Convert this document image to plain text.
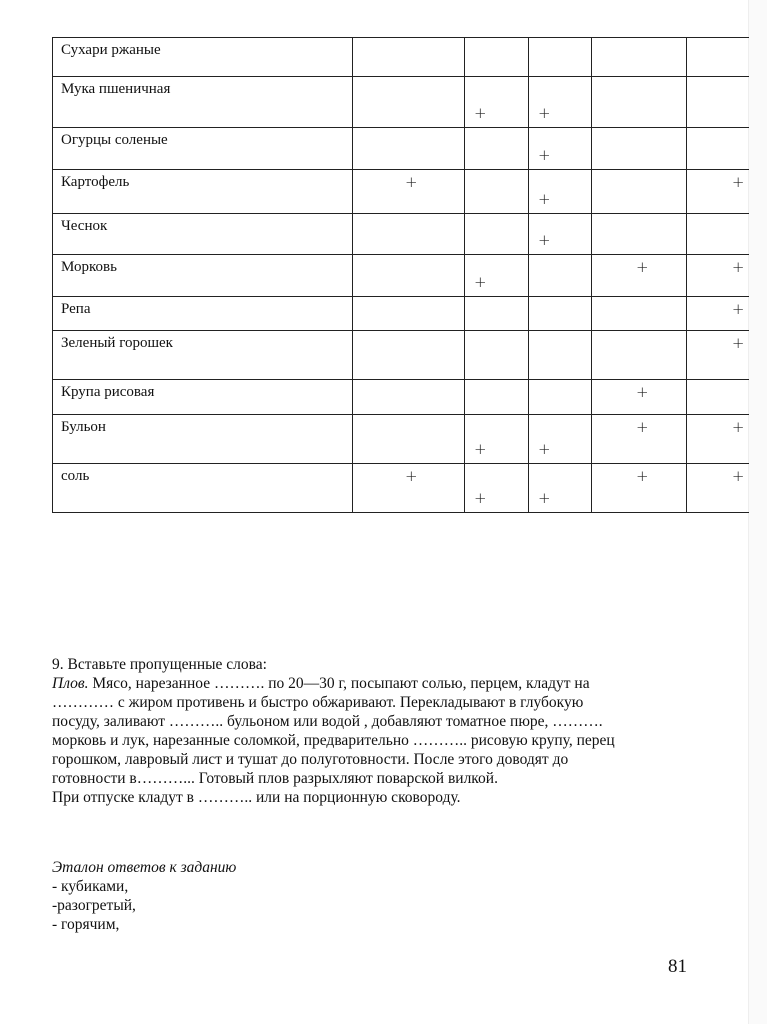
Сухари ржаные					
Мука пшеничная		+	+		

Огурцы соленые			+		

Картофель	+		+		+

Чеснок			+		

Морковь		+		+	+

Репа					+

Зеленый горошек					+

Крупа рисовая				+	

Бульон		+	+	+	+

соль	+	+	+	+	+

9. Вставьте пропущенные слова:

Плов. Мясо, нарезанное ………. по 20—30 г, посыпают солью, перцем, кладут на

………… с жиром противень и быстро обжаривают. Перекладывают в глубокую

посуду, заливают ……….. бульоном или водой , добавляют томатное пюре, ……….

морковь и лук, нарезанные соломкой, предварительно ……….. рисовую крупу, перец

горошком, лавровый лист и тушат до полуготовности. После этого доводят до

готовности в………... Готовый плов разрыхляют поварской вилкой.

При отпуске кладут в ……….. или на порционную сковороду.

Эталон ответов к заданию

- кубиками,

-разогретый,

- горячим,

81
